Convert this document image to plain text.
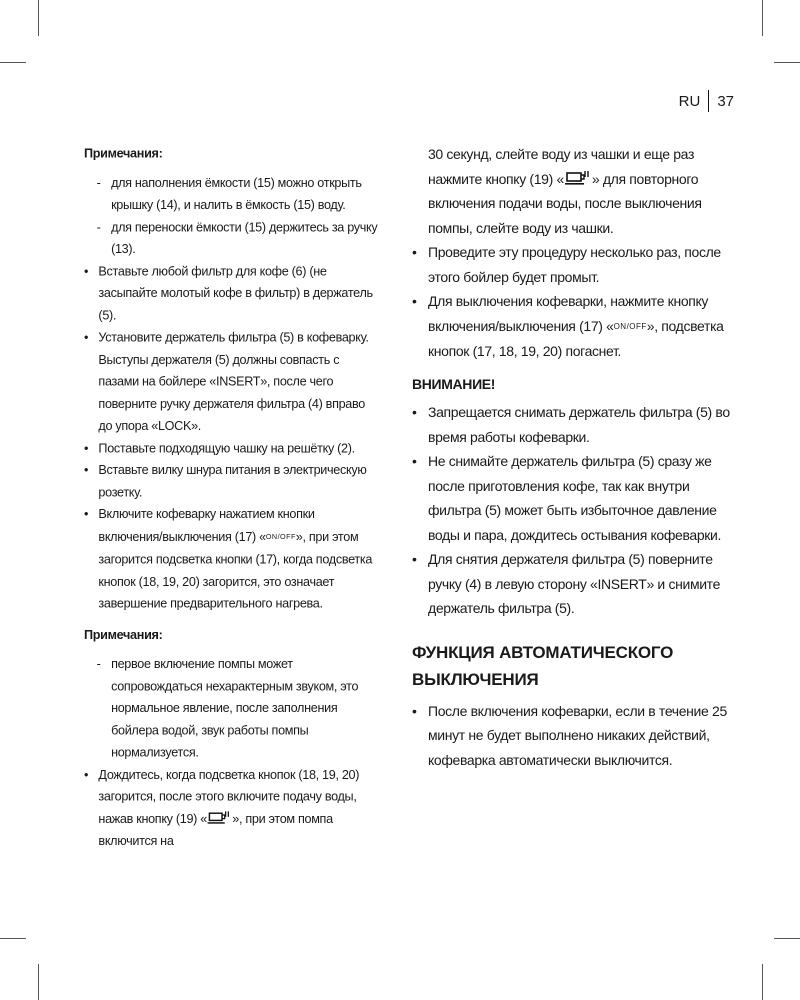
RU	37

Примечания:

- для наполнения ёмкости (15) можно открыть крышку (14), и налить в ёмкость (15) воду.

- для переноски ёмкости (15) держитесь за ручку (13).

• Вставьте любой фильтр для кофе (6) (не засыпайте молотый кофе в фильтр) в держатель (5).

• Установите держатель фильтра (5) в кофеварку. Выступы держателя (5) должны совпасть с пазами на бойлере «INSERT», после чего поверните ручку держателя фильтра (4) вправо до упора «LOCK».

• Поставьте подходящую чашку на решётку (2).

• Вставьте вилку шнура питания в электрическую розетку.

• Включите кофеварку нажатием кнопки включения/выключения (17) «ON/OFF», при этом загорится подсветка кнопки (17), когда подсветка кнопок (18, 19, 20) загорится, это означает завершение предварительного нагрева.

Примечания:

- первое включение помпы может сопровождаться нехарактерным звуком, это нормальное явление, после заполнения бойлера водой, звук работы помпы нормализуется.

• Дождитесь, когда подсветка кнопок (18, 19, 20) загорится, после этого включите подачу воды, нажав кнопку (19) « », при этом помпа включится на

30 секунд, слейте воду из чашки и еще раз нажмите кнопку (19) « » для повторного включения подачи воды, после выключения помпы, слейте воду из чашки.

• Проведите эту процедуру несколько раз, после этого бойлер будет промыт.

• Для выключения кофеварки, нажмите кнопку включения/выключения (17) «ON/OFF», подсветка кнопок (17, 18, 19, 20) погаснет.

ВНИМАНИЕ!

• Запрещается снимать держатель фильтра (5) во время работы кофеварки.

• Не снимайте держатель фильтра (5) сразу же после приготовления кофе, так как внутри фильтра (5) может быть избыточное давление воды и пара, дождитесь остывания кофеварки.

• Для снятия держателя фильтра (5) поверните ручку (4) в левую сторону «INSERT» и снимите держатель фильтра (5).

ФУНКЦИЯ АВТОМАТИЧЕСКОГО ВЫКЛЮЧЕНИЯ

• После включения кофеварки, если в течение 25 минут не будет выполнено никаких действий, кофеварка автоматически выключится.
